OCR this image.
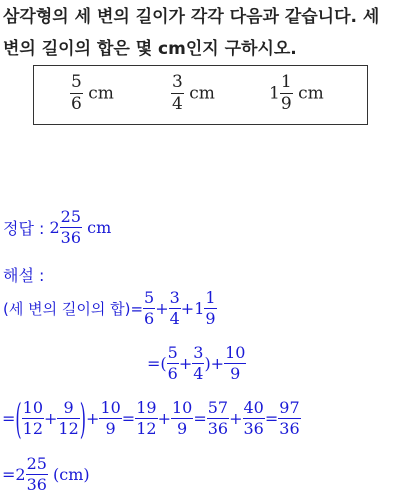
삼각형의 세 변의 길이가 각각 다음과 같습니다. 세
변의 길이의 합은 몇 cm인지 구하시오.
$\frac{5}{6}$ cm	$\frac{3}{4}$ cm	$1 \frac{1}{9}$ cm
정답 : $2 \frac{25}{36}$ cm
해설 :
(세 변의 길이의 합)= $\frac{5}{6} + \frac{3}{4} +1 \frac{1}{9}$
=( $\frac{5}{6} + \frac{3}{4}$ )+ $\frac{10}{9}$
=( $\frac{10}{12} + \frac{9}{12}$ )+ $\frac{10}{9} = \frac{19}{12} + \frac{10}{9} = \frac{57}{36} + \frac{40}{36} = \frac{97}{36}$
$=2 \frac{25}{36} (cm)$
